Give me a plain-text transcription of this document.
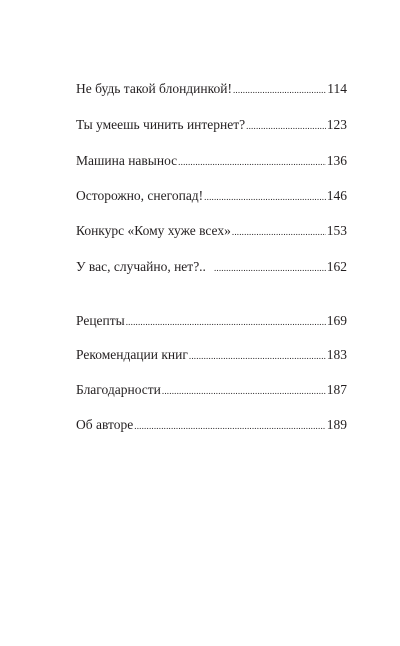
Не будь такой блондинкой! .....	114
Ты умеешь чинить интернет? .....	123
Машина навынос .....	136
Осторожно, снегопад! .....	146
Конкурс «Кому хуже всех» .....	153
У вас, случайно, нет?.. .....	162
Рецепты .....	169
Рекомендации книг .....	183
Благодарности .....	187
Об авторе .....	189
